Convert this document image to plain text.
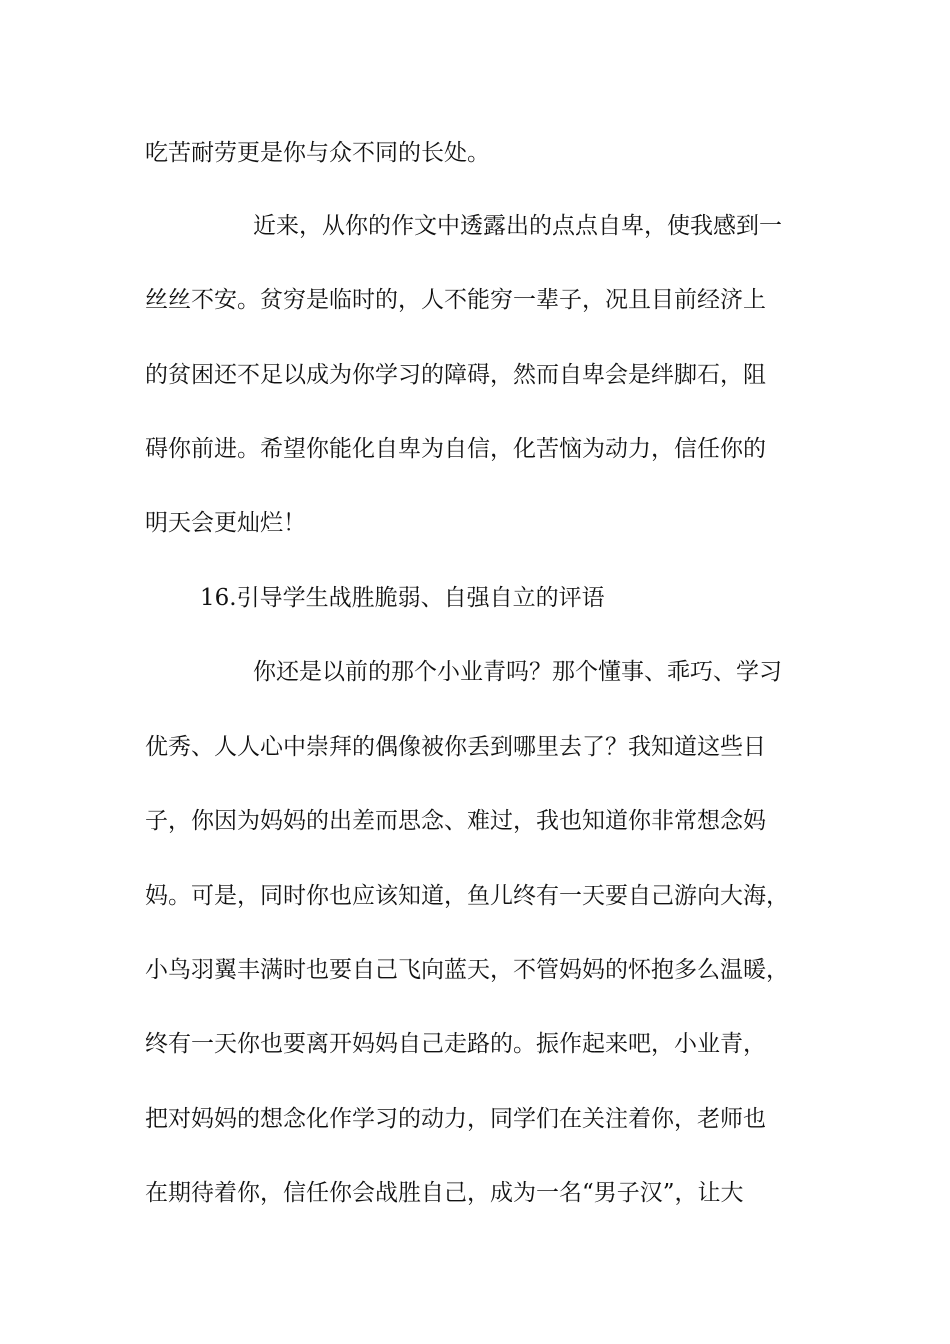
吃苦耐劳更是你与众不同的长处。
近来，从你的作文中透露出的点点自卑，使我感到一
丝丝不安。贫穷是临时的，人不能穷一辈子，况且目前经济上
的贫困还不足以成为你学习的障碍，然而自卑会是绊脚石，阻
碍你前进。希望你能化自卑为自信，化苦恼为动力，信任你的
明天会更灿烂！
16.引导学生战胜脆弱、自强自立的评语
你还是以前的那个小业青吗？那个懂事、乖巧、学习
优秀、人人心中崇拜的偶像被你丢到哪里去了？我知道这些日
子，你因为妈妈的出差而思念、难过，我也知道你非常想念妈
妈。可是，同时你也应该知道，鱼儿终有一天要自己游向大海，
小鸟羽翼丰满时也要自己飞向蓝天，不管妈妈的怀抱多么温暖，
终有一天你也要离开妈妈自己走路的。振作起来吧，小业青，
把对妈妈的想念化作学习的动力，同学们在关注着你，老师也
在期待着你，信任你会战胜自己，成为一名“男子汉”，让大
